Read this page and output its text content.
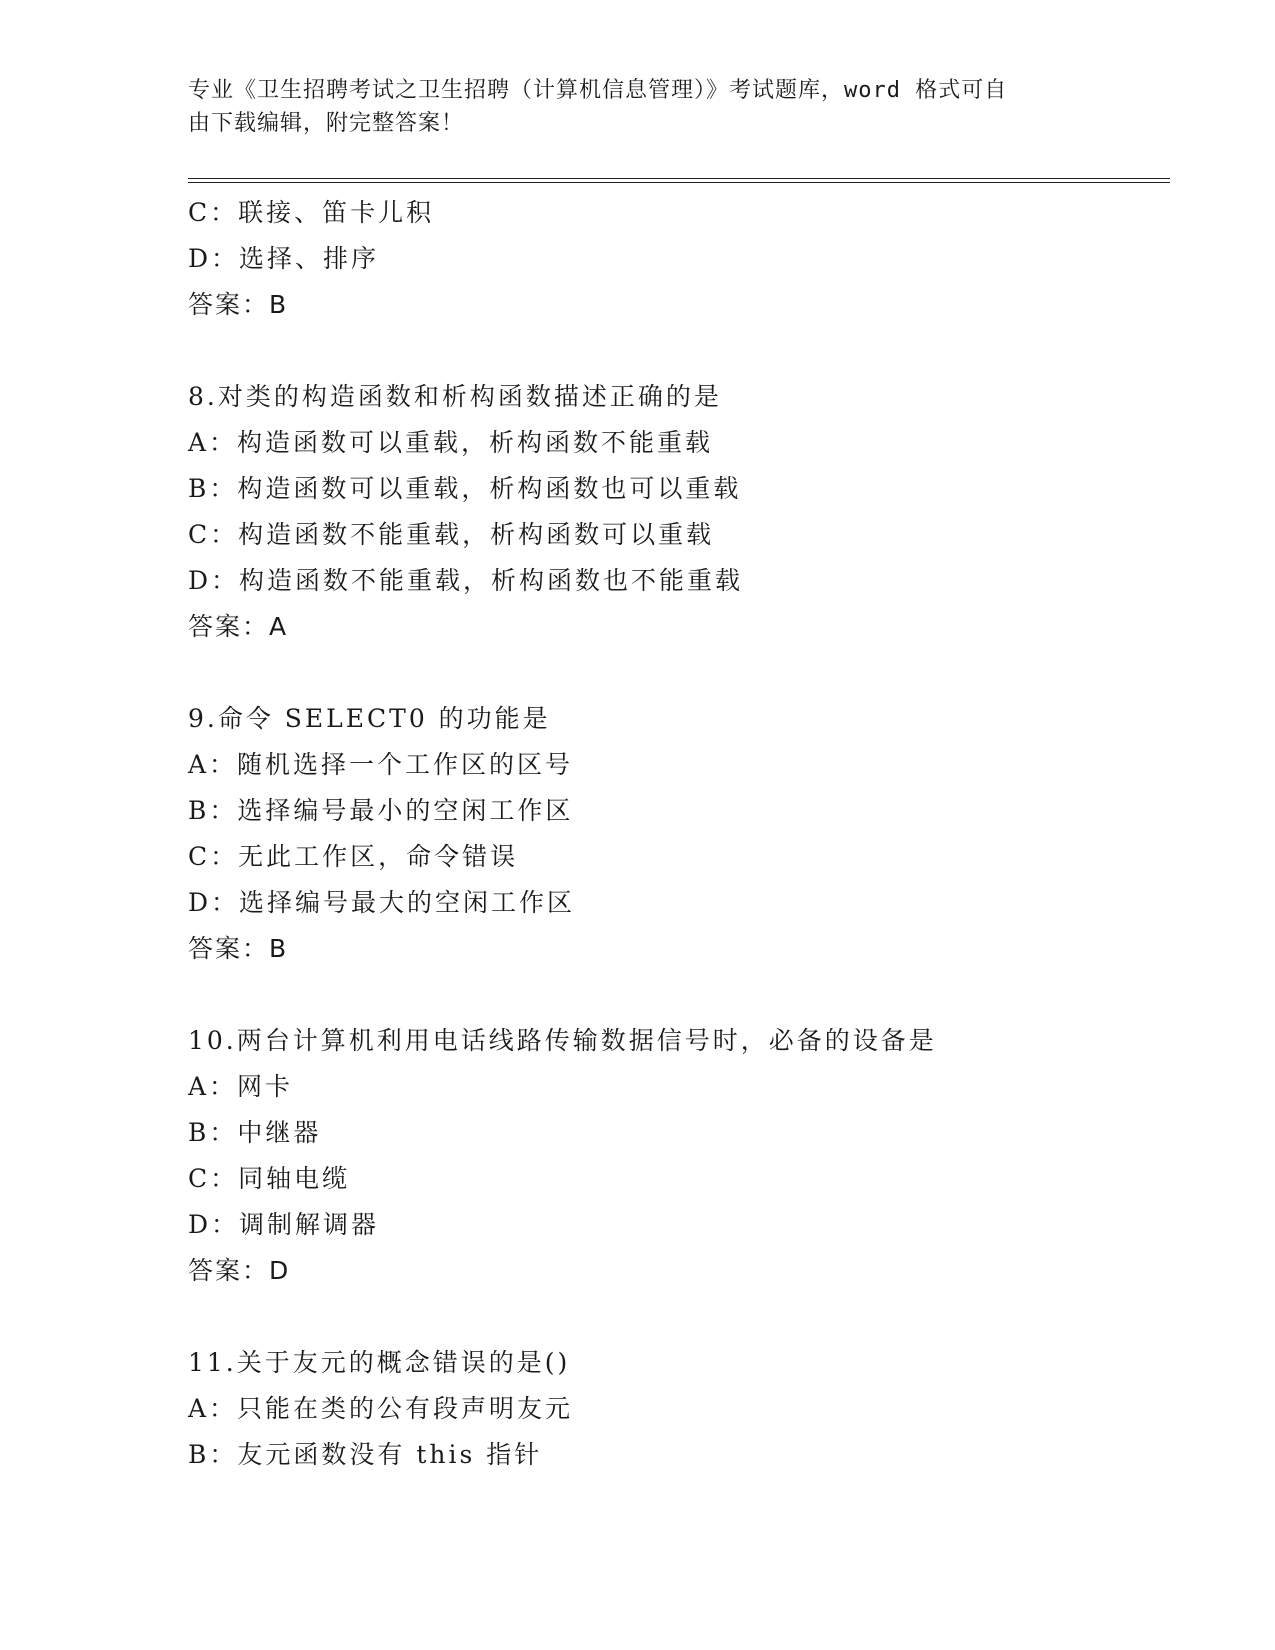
专业《卫生招聘考试之卫生招聘（计算机信息管理）》考试题库，word 格式可自
由下载编辑，附完整答案！
C：联接、笛卡儿积
D：选择、排序
答案：B
8.对类的构造函数和析构函数描述正确的是
A：构造函数可以重载，析构函数不能重载
B：构造函数可以重载，析构函数也可以重载
C：构造函数不能重载，析构函数可以重载
D：构造函数不能重载，析构函数也不能重载
答案：A
9.命令 SELECT0 的功能是
A：随机选择一个工作区的区号
B：选择编号最小的空闲工作区
C：无此工作区，命令错误
D：选择编号最大的空闲工作区
答案：B
10.两台计算机利用电话线路传输数据信号时，必备的设备是
A：网卡
B：中继器
C：同轴电缆
D：调制解调器
答案：D
11.关于友元的概念错误的是()
A：只能在类的公有段声明友元
B：友元函数没有 this 指针
